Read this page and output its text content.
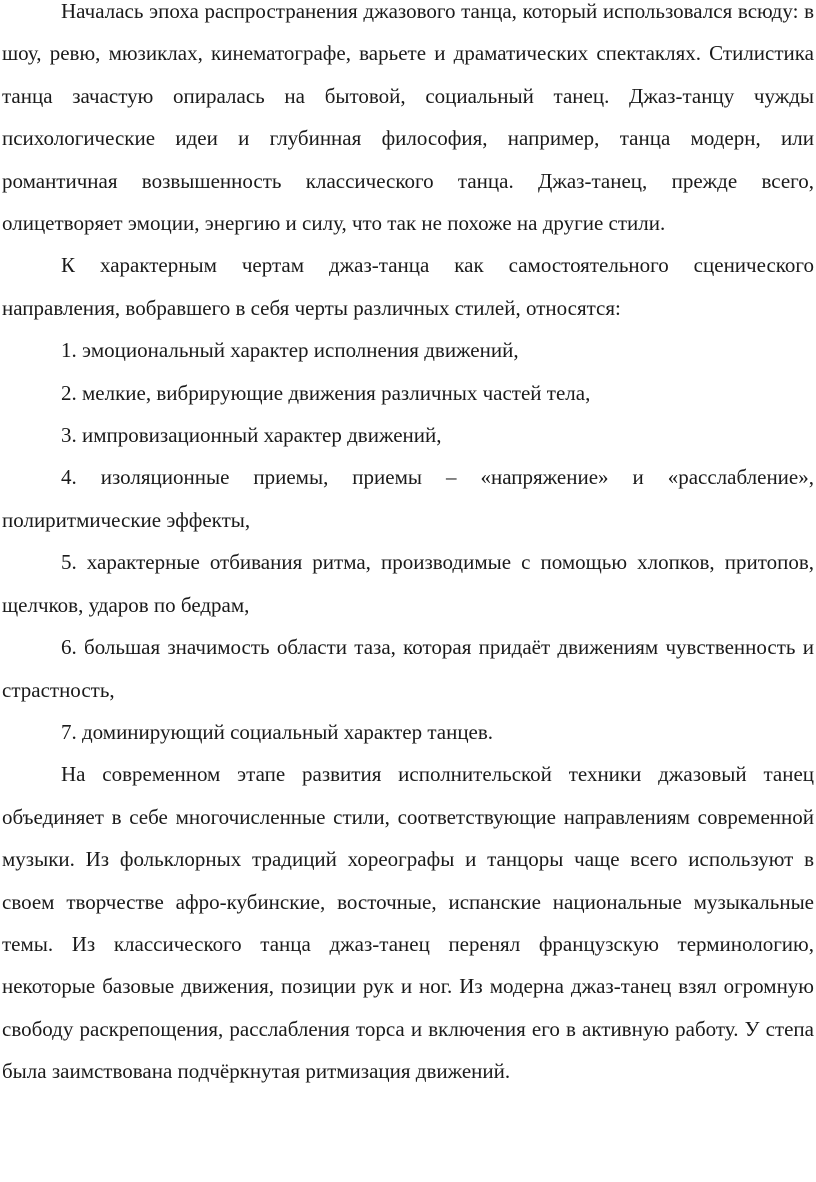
Началась эпоха распространения джазового танца, который использовался всюду: в шоу, ревю, мюзиклах, кинематографе, варьете и драматических спектаклях. Стилистика танца зачастую опиралась на бытовой, социальный танец. Джаз-танцу чужды психологические идеи и глубинная философия, например, танца модерн, или романтичная возвышенность классического танца. Джаз-танец, прежде всего, олицетворяет эмоции, энергию и силу, что так не похоже на другие стили.

К характерным чертам джаз-танца как самостоятельного сценического направления, вобравшего в себя черты различных стилей, относятся:

1. эмоциональный характер исполнения движений,

2. мелкие, вибрирующие движения различных частей тела,

3. импровизационный характер движений,

4. изоляционные приемы, приемы – «напряжение» и «расслабление», полиритмические эффекты,

5. характерные отбивания ритма, производимые с помощью хлопков, притопов, щелчков, ударов по бедрам,

6. большая значимость области таза, которая придаёт движениям чувственность и страстность,

7. доминирующий социальный характер танцев.

На современном этапе развития исполнительской техники джазовый танец объединяет в себе многочисленные стили, соответствующие направлениям современной музыки. Из фольклорных традиций хореографы и танцоры чаще всего используют в своем творчестве афро-кубинские, восточные, испанские национальные музыкальные темы. Из классического танца джаз-танец перенял французскую терминологию, некоторые базовые движения, позиции рук и ног. Из модерна джаз-танец взял огромную свободу раскрепощения, расслабления торса и включения его в активную работу. У степа была заимствована подчёркнутая ритмизация движений.
